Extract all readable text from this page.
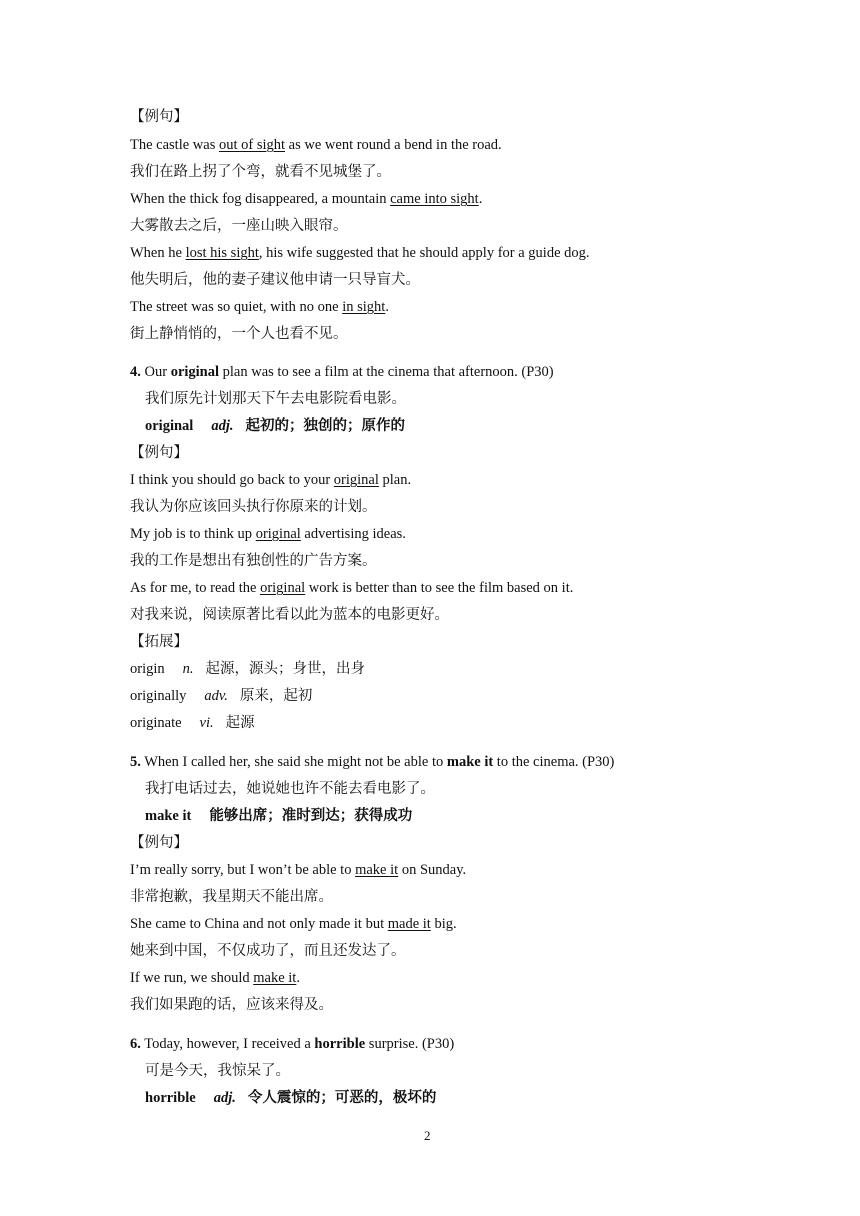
【例句】
The castle was out of sight as we went round a bend in the road.
我们在路上拐了个弯，就看不见城堡了。
When the thick fog disappeared, a mountain came into sight.
大雾散去之后，一座山映入眼帘。
When he lost his sight, his wife suggested that he should apply for a guide dog.
他失明后，他的妻子建议他申请一只导盲犬。
The street was so quiet, with no one in sight.
街上静悄悄的，一个人也看不见。
4. Our original plan was to see a film at the cinema that afternoon. (P30)
我们原先计划那天下午去电影院看电影。
original adj. 起初的；独创的；原作的
【例句】
I think you should go back to your original plan.
我认为你应该回头执行你原来的计划。
My job is to think up original advertising ideas.
我的工作是想出有独创性的广告方案。
As for me, to read the original work is better than to see the film based on it.
对我来说，阅读原著比看以此为蓝本的电影更好。
【拓展】
origin n. 起源，源头；身世，出身
originally adv. 原来，起初
originate vi. 起源
5. When I called her, she said she might not be able to make it to the cinema. (P30)
我打电话过去，她说她也许不能去看电影了。
make it 能够出席；准时到达；获得成功
【例句】
I’m really sorry, but I won’t be able to make it on Sunday.
非常抱歉，我星期天不能出席。
She came to China and not only made it but made it big.
她来到中国，不仅成功了，而且还发达了。
If we run, we should make it.
我们如果跑的话，应该来得及。
6. Today, however, I received a horrible surprise. (P30)
可是今天，我惊呆了。
horrible adj. 令人震惊的；可恶的，极坏的
2
